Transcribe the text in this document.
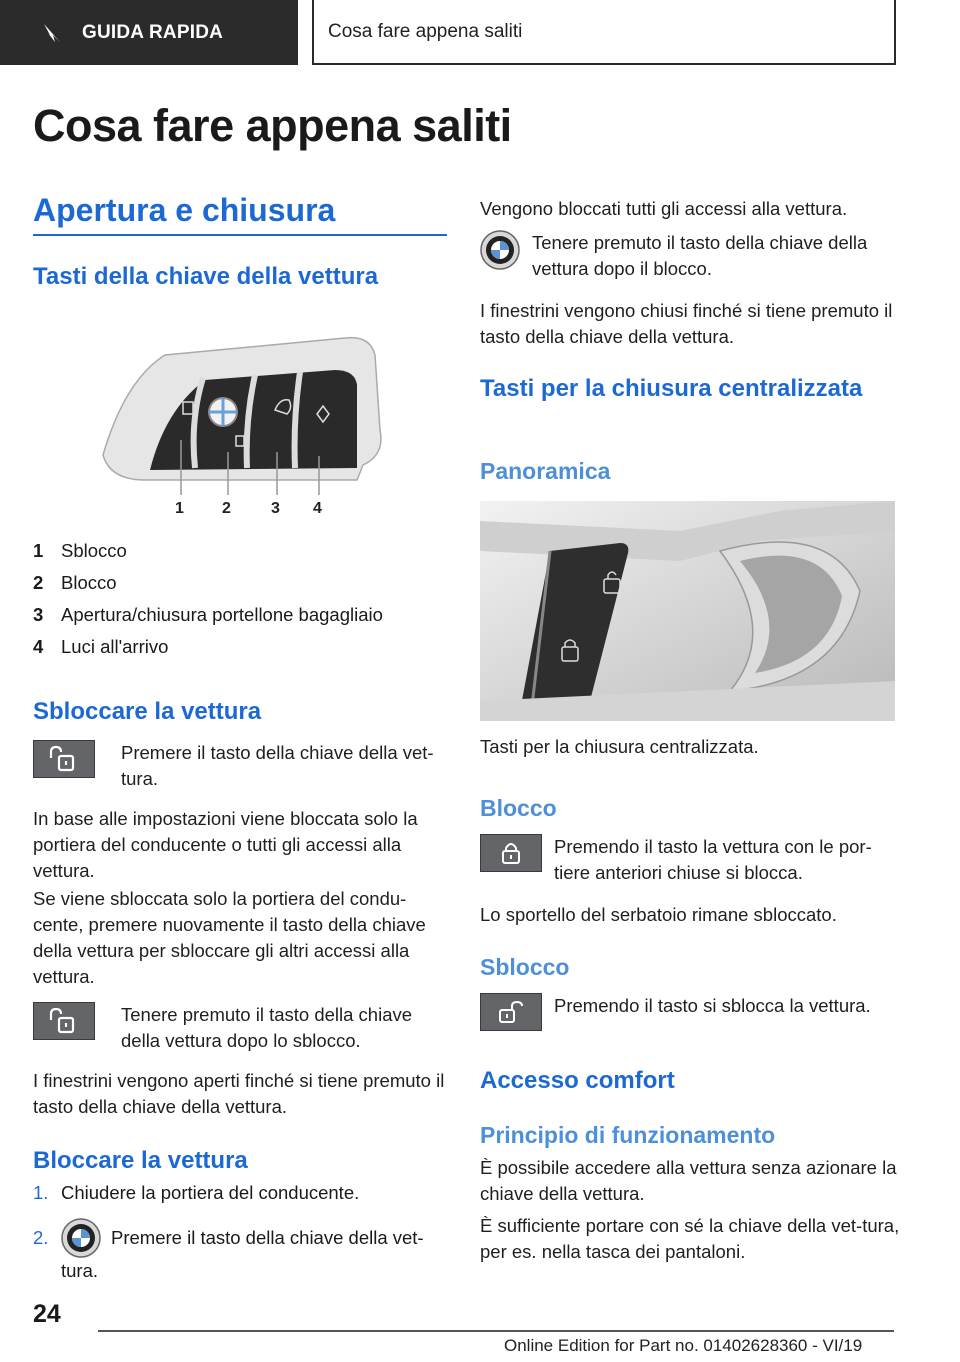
GUIDA RAPIDA	Cosa fare appena saliti
Cosa fare appena saliti
Apertura e chiusura
Tasti della chiave della vettura
1 2	3 4
1 Sblocco
2 Blocco
3 Apertura/chiusura portellone bagagliaio
4 Luci all'arrivo
Sbloccare la vettura

Premere il tasto della chiave della vet-tura.

In base alle impostazioni viene bloccata solo la portiera del conducente o tutti gli accessi alla vettura.

Se viene sbloccata solo la portiera del condu-cente, premere nuovamente il tasto della chiave della vettura per sbloccare gli altri accessi alla vettura.

Tenere premuto il tasto della chiave della vettura dopo lo sblocco.

I finestrini vengono aperti finché si tiene premuto il tasto della chiave della vettura.

Bloccare la vettura
1. Chiudere la portiera del conducente.
2.	Premere il tasto della chiave della vet-
tura.

Vengono bloccati tutti gli accessi alla vettura.

Tenere premuto il tasto della chiave della vettura dopo il blocco.

I finestrini vengono chiusi finché si tiene premuto il tasto della chiave della vettura.

Tasti per la chiusura centralizzata
Panoramica

Tasti per la chiusura centralizzata.

Blocco

Premendo il tasto la vettura con le por-tiere anteriori chiuse si blocca.

Lo sportello del serbatoio rimane sbloccato.

Sblocco

Premendo il tasto si sblocca la vettura.

Accesso comfort
Principio di funzionamento

È possibile accedere alla vettura senza azionare la chiave della vettura.

È sufficiente portare con sé la chiave della vet-tura, per es. nella tasca dei pantaloni.

24
Online Edition for Part no. 01402628360 - VI/19
